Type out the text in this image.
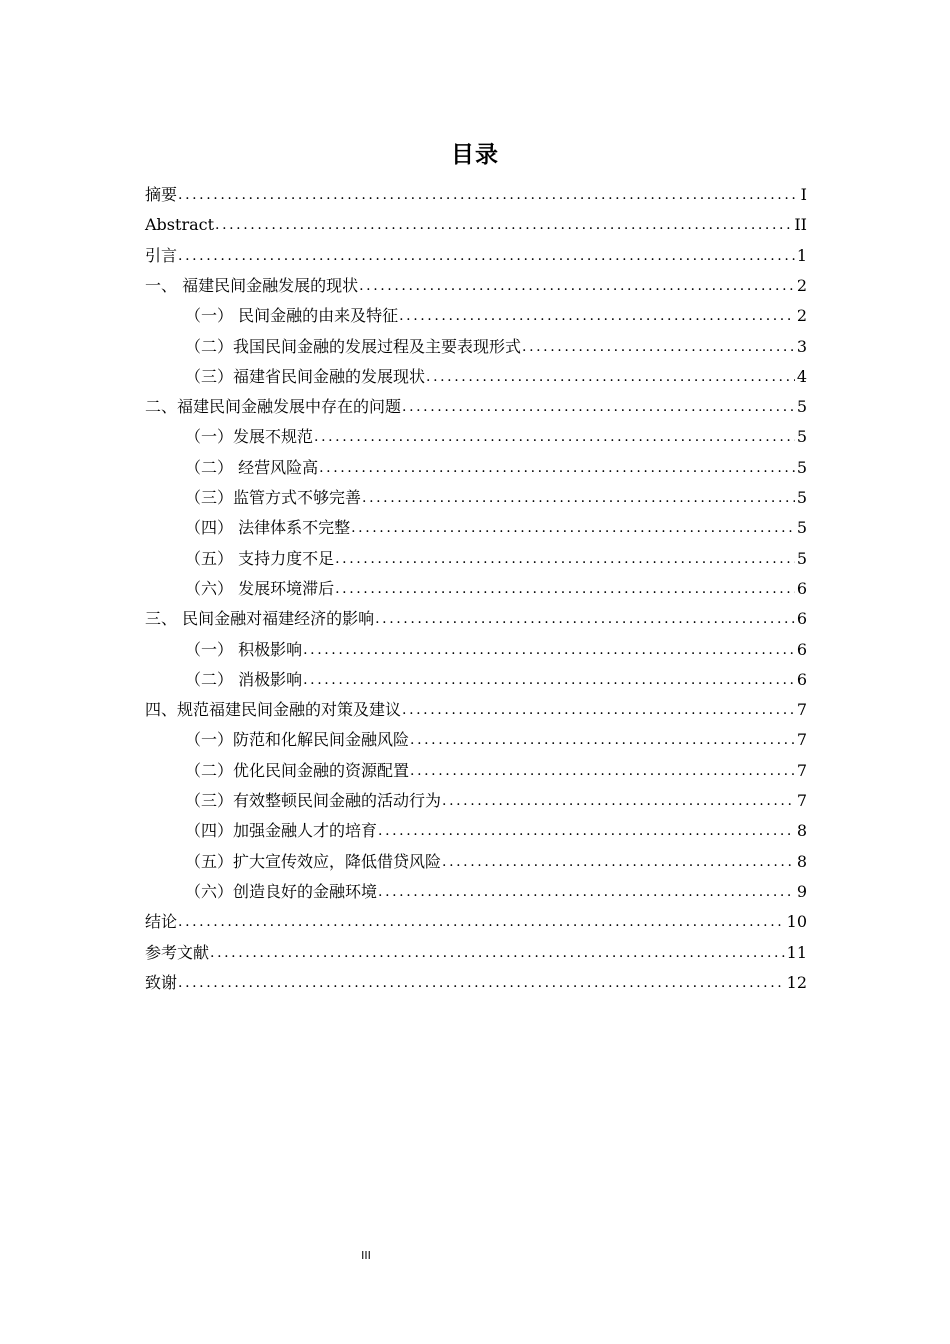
目录
摘要 .....	I
Abstract .....	II
引言 .....	1
一、 福建民间金融发展的现状 .....	2
（一） 民间金融的由来及特征 .....	2
（二）我国民间金融的发展过程及主要表现形式 .....	3
（三）福建省民间金融的发展现状 .....	4
二、福建民间金融发展中存在的问题 .....	5
（一）发展不规范 .....	5
（二） 经营风险高 .....	5
（三）监管方式不够完善 .....	5
（四） 法律体系不完整 .....	5
（五） 支持力度不足 .....	5
（六） 发展环境滞后 .....	6
三、 民间金融对福建经济的影响 .....	6
（一） 积极影响 .....	6
（二） 消极影响 .....	6
四、规范福建民间金融的对策及建议 .....	7
（一）防范和化解民间金融风险 .....	7
（二）优化民间金融的资源配置 .....	7
（三）有效整顿民间金融的活动行为 .....	7
（四）加强金融人才的培育 .....	8
（五）扩大宣传效应，降低借贷风险 .....	8
（六）创造良好的金融环境 .....	9
结论 .....	10
参考文献 .....	11
致谢 .....	12
III
